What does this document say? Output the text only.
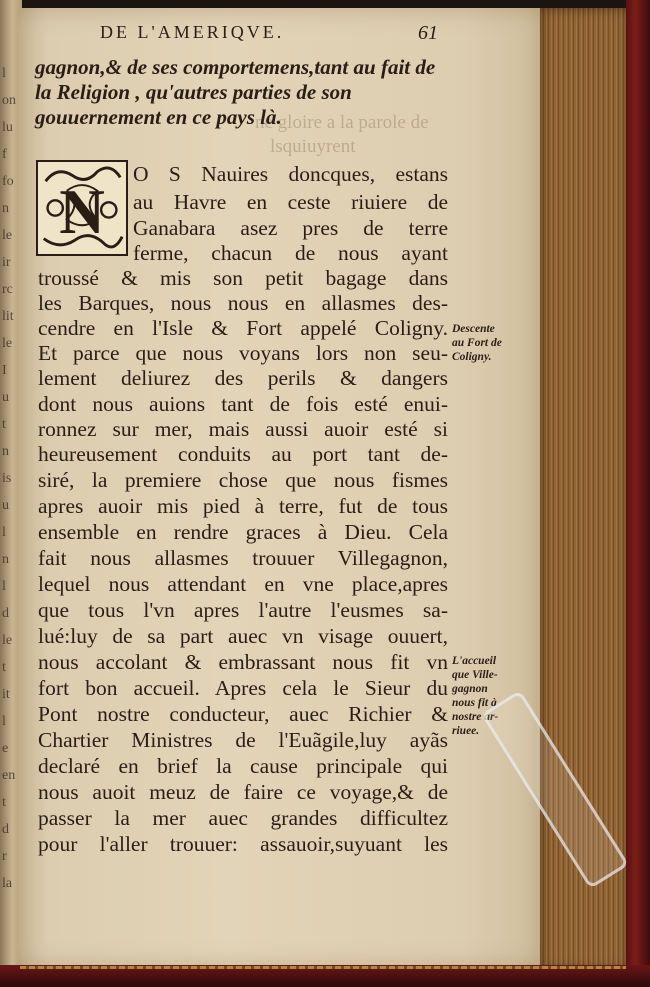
l
on
lu
f
fo
n
le
ir
rc
lit
le
I
u
t
n
is
u
l
n
l
d
le
t
it
l
e
en
t
d
r
la
ne gloire a la parole de
lsquiuyrent
DE L'AMERIQVE.	61
gagnon,& de ses comportemens,tant au fait de la Religion , qu'autres parties de son gouuernement en ce pays là.
N
O S Nauires doncques, estans
au Havre en ceste riuiere de
Ganabara asez pres de terre
ferme, chacun de nous ayant
troussé & mis son petit bagage dans
les Barques, nous nous en allasmes des-
cendre en l'Isle & Fort appelé Coligny.
Et parce que nous voyans lors non seu-
lement deliurez des perils & dangers
dont nous auions tant de fois esté enui-
ronnez sur mer, mais aussi auoir esté si
heureusement conduits au port tant de-
siré, la premiere chose que nous fismes
apres auoir mis pied à terre, fut de tous
ensemble en rendre graces à Dieu. Cela
fait nous allasmes trouuer Villegagnon,
lequel nous attendant en vne place,apres
que tous l'vn apres l'autre l'eusmes sa-
lué:luy de sa part auec vn visage ouuert,
nous accolant & embrassant nous fit vn
fort bon accueil. Apres cela le Sieur du
Pont nostre conducteur, auec Richier &
Chartier Ministres de l'Euãgile,luy ayãs
declaré en brief la cause principale qui
nous auoit meuz de faire ce voyage,& de
passer la mer auec grandes difficultez
pour l'aller trouuer: assauoir,suyuant les
Descente
au Fort de
Coligny.
L'accueil
que Ville-
gagnon
nous fit à
nostre ar-
riuee.
